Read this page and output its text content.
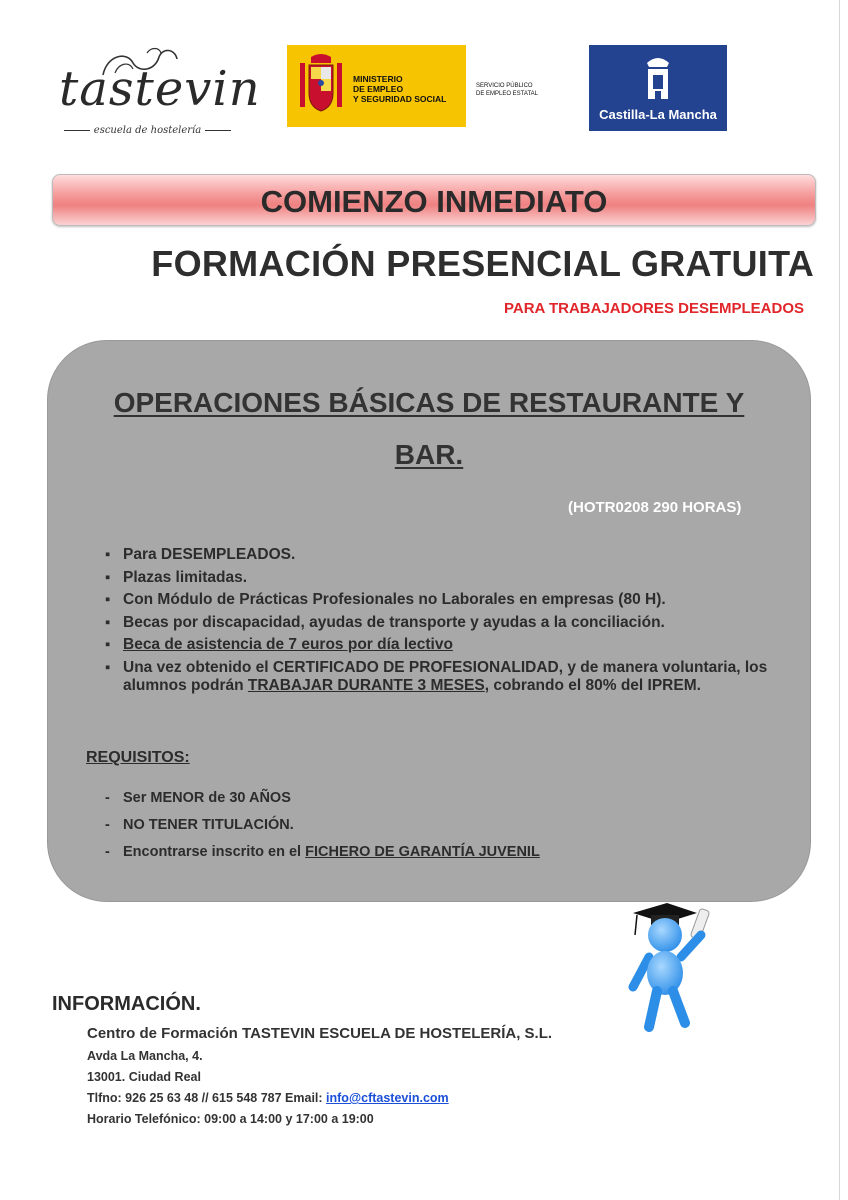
tastevin
escuela de hostelería
MINISTERIO
DE EMPLEO
Y SEGURIDAD SOCIAL
SERVICIO PÚBLICO
DE EMPLEO ESTATAL
Castilla-La Mancha
COMIENZO INMEDIATO
FORMACIÓN PRESENCIAL GRATUITA
PARA TRABAJADORES DESEMPLEADOS
OPERACIONES BÁSICAS DE RESTAURANTE Y
BAR.
(HOTR0208 290 HORAS)
▪ Para DESEMPLEADOS.
▪ Plazas limitadas.
▪ Con Módulo de Prácticas Profesionales no Laborales en empresas (80 H).
▪ Becas por discapacidad, ayudas de transporte y ayudas a la conciliación.
▪ Beca de asistencia de 7 euros por día lectivo
▪ Una vez obtenido el CERTIFICADO DE PROFESIONALIDAD, y de manera voluntaria, los alumnos podrán TRABAJAR DURANTE 3 MESES, cobrando el 80% del IPREM.
REQUISITOS:
- Ser MENOR de 30 AÑOS
- NO TENER TITULACIÓN.
- Encontrarse inscrito en el FICHERO DE GARANTÍA JUVENIL
INFORMACIÓN.
Centro de Formación TASTEVIN ESCUELA DE HOSTELERÍA, S.L.
Avda La Mancha, 4.
13001. Ciudad Real
Tlfno: 926 25 63 48 // 615 548 787 Email: info@cftastevin.com
Horario Telefónico: 09:00 a 14:00 y 17:00 a 19:00
